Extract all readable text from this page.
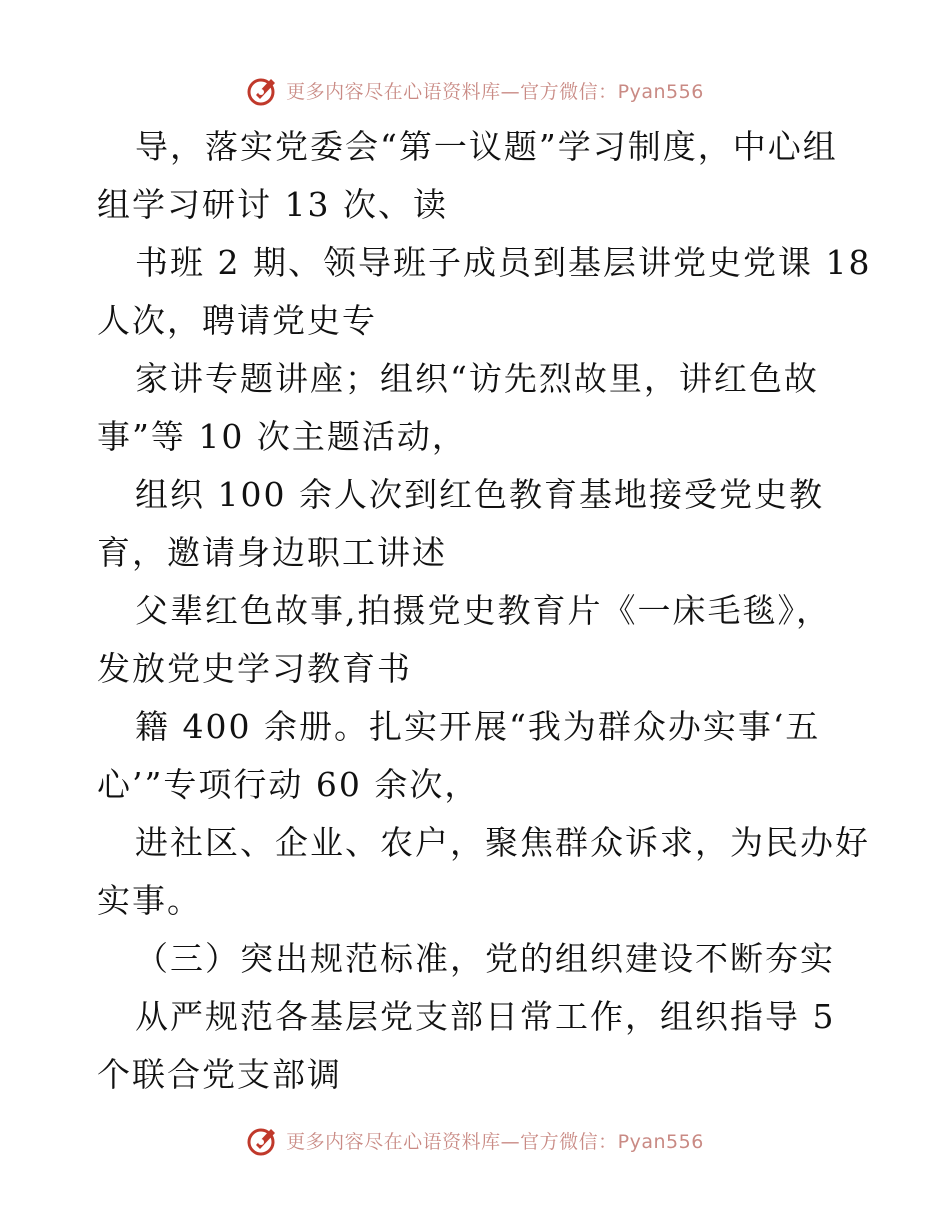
更多内容尽在心语资料库—官方微信：Pyan556
导，落实党委会“第一议题”学习制度，中心组
组学习研讨 13 次、读
书班 2 期、领导班子成员到基层讲党史党课 18
人次，聘请党史专
家讲专题讲座；组织“访先烈故里，讲红色故
事”等 10 次主题活动，
组织 100 余人次到红色教育基地接受党史教
育，邀请身边职工讲述
父辈红色故事,拍摄党史教育片《一床毛毯》，
发放党史学习教育书
籍 400 余册。扎实开展“我为群众办实事‘五
心’”专项行动 60 余次，
进社区、企业、农户，聚焦群众诉求，为民办好
实事。
（三）突出规范标准，党的组织建设不断夯实
从严规范各基层党支部日常工作，组织指导 5
个联合党支部调
更多内容尽在心语资料库—官方微信：Pyan556
